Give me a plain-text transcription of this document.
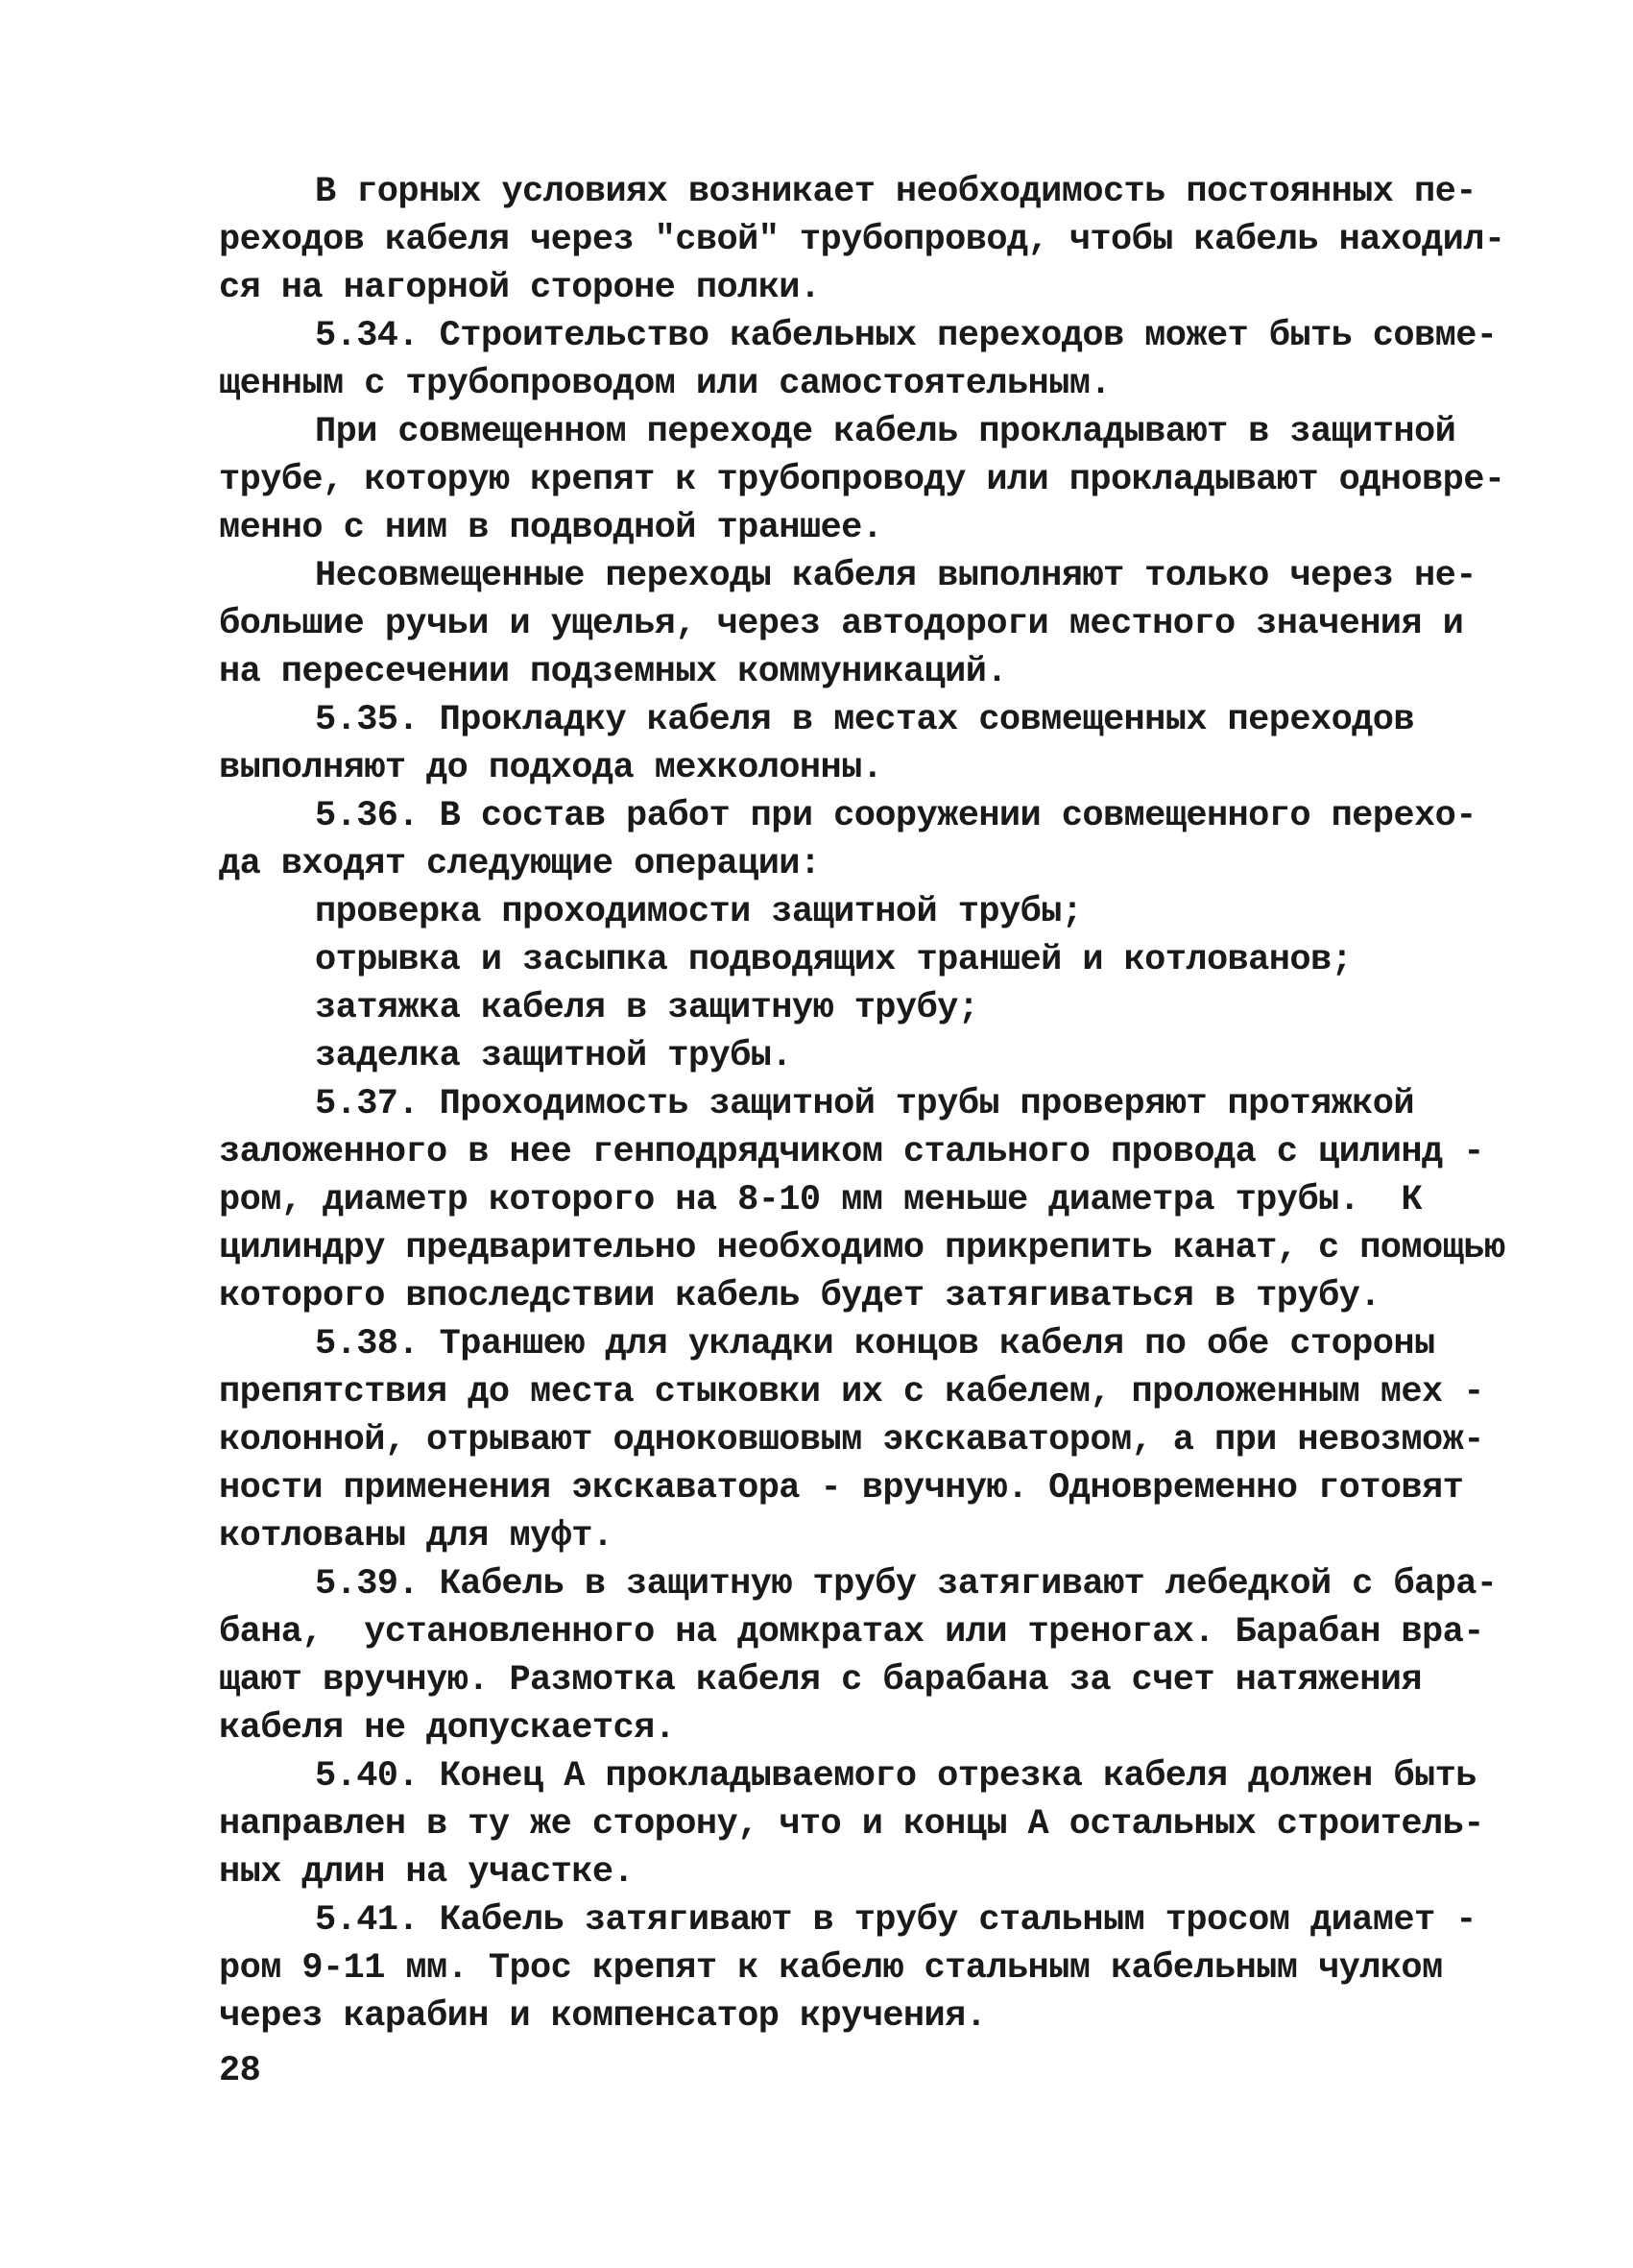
В горных условиях возникает необходимость постоянных пе-
реходов кабеля через "свой" трубопровод, чтобы кабель находил-
ся на нагорной стороне полки.
5.34. Строительство кабельных переходов может быть совме-
щенным с трубопроводом или самостоятельным.
При совмещенном переходе кабель прокладывают в защитной
трубе, которую крепят к трубопроводу или прокладывают одновре-
менно с ним в подводной траншее.
Несовмещенные переходы кабеля выполняют только через не-
большие ручьи и ущелья, через автодороги местного значения и
на пересечении подземных коммуникаций.
5.35. Прокладку кабеля в местах совмещенных переходов
выполняют до подхода мехколонны.
5.36. В состав работ при сооружении совмещенного перехо-
да входят следующие операции:
проверка проходимости защитной трубы;
отрывка и засыпка подводящих траншей и котлованов;
затяжка кабеля в защитную трубу;
заделка защитной трубы.
5.37. Проходимость защитной трубы проверяют протяжкой
заложенного в нее генподрядчиком стального провода с цилинд -
ром, диаметр которого на 8-10 мм меньше диаметра трубы.  К
цилиндру предварительно необходимо прикрепить канат, с помощью
которого впоследствии кабель будет затягиваться в трубу.
5.38. Траншею для укладки концов кабеля по обе стороны
препятствия до места стыковки их с кабелем, проложенным мех -
колонной, отрывают одноковшовым экскаватором, а при невозмож-
ности применения экскаватора - вручную. Одновременно готовят
котлованы для муфт.
5.39. Кабель в защитную трубу затягивают лебедкой с бара-
бана,  установленного на домкратах или треногах. Барабан вра-
щают вручную. Размотка кабеля с барабана за счет натяжения
кабеля не допускается.
5.40. Конец А прокладываемого отрезка кабеля должен быть
направлен в ту же сторону, что и концы А остальных строитель-
ных длин на участке.
5.41. Кабель затягивают в трубу стальным тросом диамет -
ром 9-11 мм. Трос крепят к кабелю стальным кабельным чулком
через карабин и компенсатор кручения.
28
